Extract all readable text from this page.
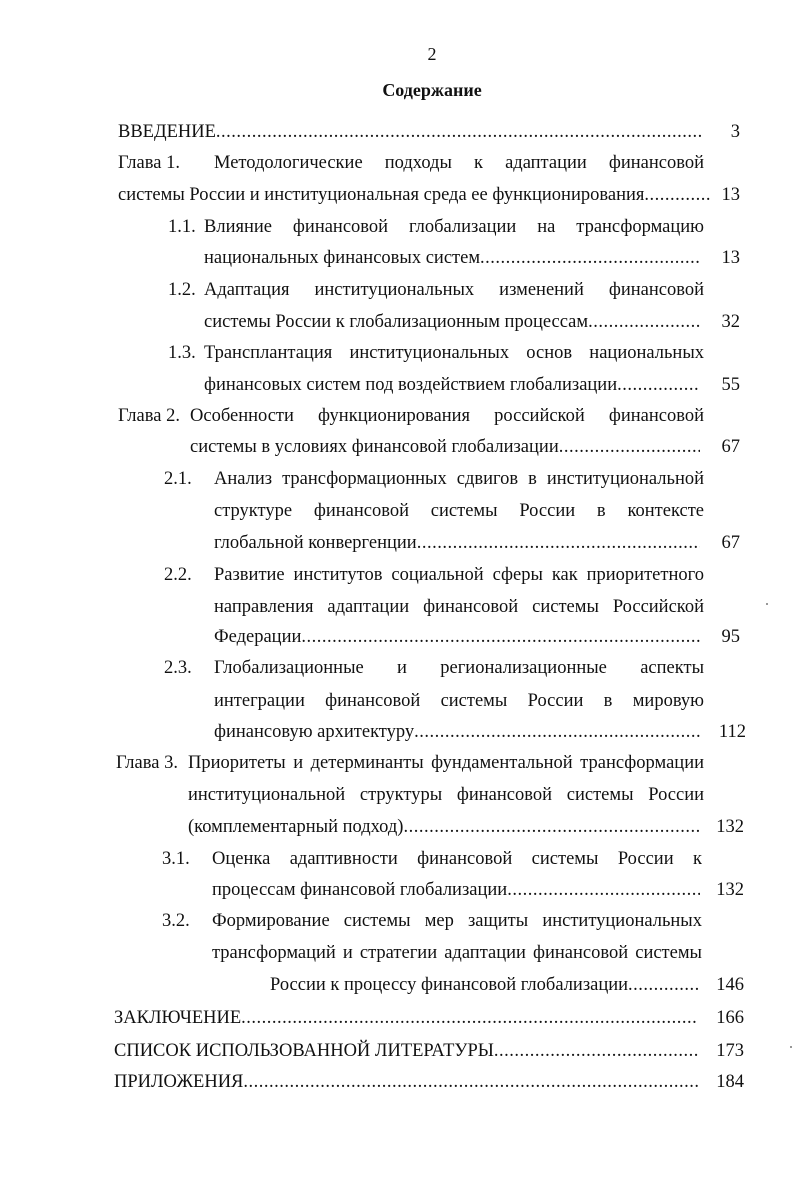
2
Содержание
ВВЕДЕНИЕ .....	3
Глава 1. Методологические подходы к адаптации финансовой
системы России и институциональная среда ее функционирования .....	13
1.1. Влияние финансовой глобализации на трансформацию
национальных финансовых систем .....	13
1.2. Адаптация институциональных изменений финансовой
системы России к глобализационным процессам .....	32
1.3. Трансплантация институциональных основ национальных
финансовых систем под воздействием глобализации .....	55
Глава 2. Особенности функционирования российской финансовой
системы в условиях финансовой глобализации .....	67
2.1. Анализ трансформационных сдвигов в институциональной
структуре финансовой системы России в контексте
глобальной конвергенции .....	67
2.2. Развитие институтов социальной сферы как приоритетного
направления адаптации финансовой системы Российской
Федерации .....	95
2.3. Глобализационные и регионализационные аспекты
интеграции финансовой системы России в мировую
финансовую архитектуру .....	112
Глава 3. Приоритеты и детерминанты фундаментальной трансформации
институциональной структуры финансовой системы России
(комплементарный подход) .....	132
3.1. Оценка адаптивности финансовой системы России к
процессам финансовой глобализации .....	132
3.2. Формирование системы мер защиты институциональных
трансформаций и стратегии адаптации финансовой системы
России к процессу финансовой глобализации .....	146
ЗАКЛЮЧЕНИЕ .....	166
СПИСОК ИСПОЛЬЗОВАННОЙ ЛИТЕРАТУРЫ .....	173
ПРИЛОЖЕНИЯ .....	184
